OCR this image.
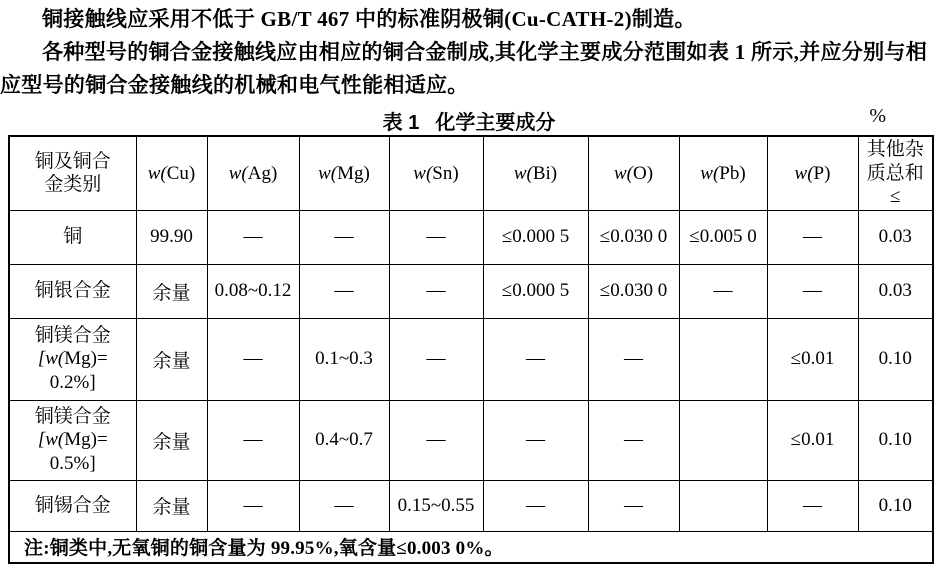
铜接触线应采用不低于 GB/T 467 中的标准阴极铜(Cu-CATH-2)制造。

各种型号的铜合金接触线应由相应的铜合金制成,其化学主要成分范围如表 1 所示,并应分别与相应型号的铜合金接触线的机械和电气性能相适应。

表 1 化学主要成分	%
铜及铜合
金类别	w(Cu)	w(Ag)	w(Mg)	w(Sn)	w(Bi)	w(O)	w(Pb)	w(P)	其他杂
质总和
≤

铜	99.90	—	—	—	≤0.000 5	≤0.030 0	≤0.005 0	—	0.03

铜银合金	余量	0.08~0.12	—	—	≤0.000 5	≤0.030 0	—	—	0.03

铜镁合金
[w(Mg)=
0.2%]	余量	—	0.1~0.3	—	—	—		≤0.01	0.10

铜镁合金
[w(Mg)=
0.5%]	余量	—	0.4~0.7	—	—	—		≤0.01	0.10

铜锡合金	余量	—	—	0.15~0.55	—	—		—	0.10
注:铜类中,无氧铜的铜含量为 99.95%,氧含量≤0.003 0%。									
